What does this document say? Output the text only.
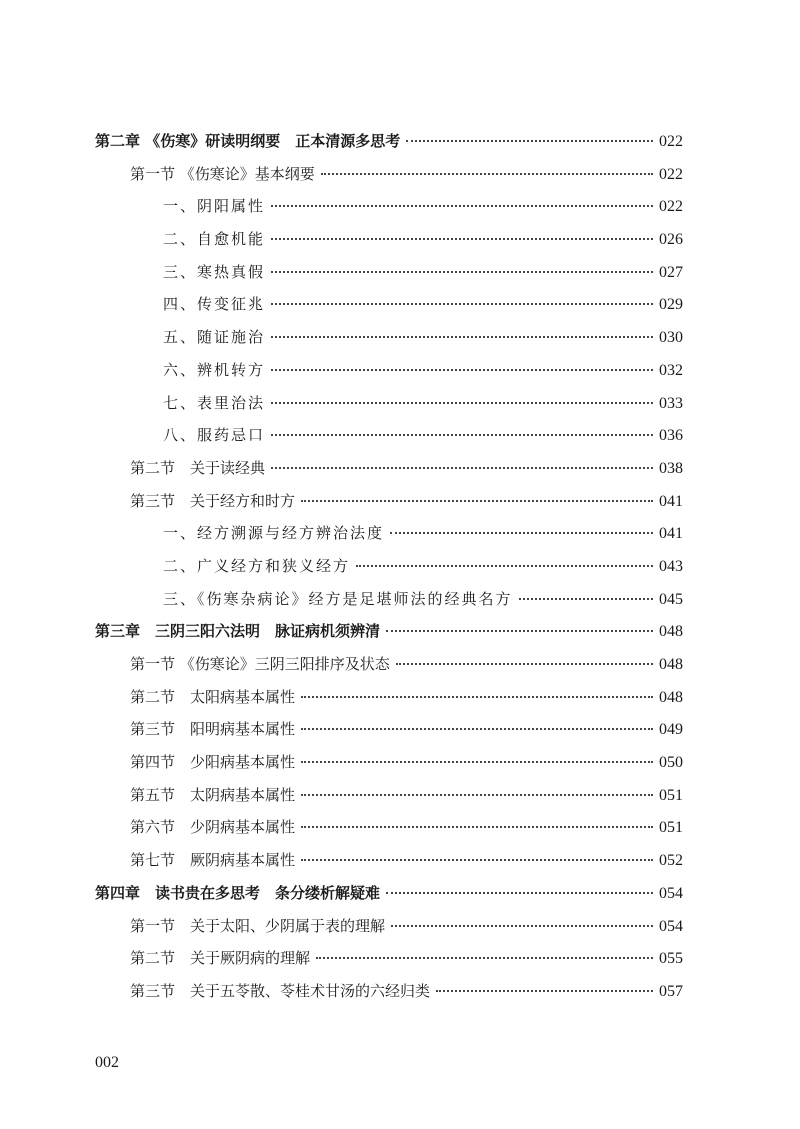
第二章 《伤寒》研读明纲要　正本清源多思考	022
第一节 《伤寒论》基本纲要	022
一、阴阳属性	022
二、自愈机能	026
三、寒热真假	027
四、传变征兆	029
五、随证施治	030
六、辨机转方	032
七、表里治法	033
八、服药忌口	036
第二节　关于读经典	038
第三节　关于经方和时方	041
一、经方溯源与经方辨治法度	041
二、广义经方和狭义经方	043
三、《伤寒杂病论》经方是足堪师法的经典名方	045
第三章　三阴三阳六法明　脉证病机须辨清	048
第一节 《伤寒论》三阴三阳排序及状态	048
第二节　太阳病基本属性	048
第三节　阳明病基本属性	049
第四节　少阳病基本属性	050
第五节　太阴病基本属性	051
第六节　少阴病基本属性	051
第七节　厥阴病基本属性	052
第四章　读书贵在多思考　条分缕析解疑难	054
第一节　关于太阳、少阴属于表的理解	054
第二节　关于厥阴病的理解	055
第三节　关于五苓散、苓桂术甘汤的六经归类	057
002
